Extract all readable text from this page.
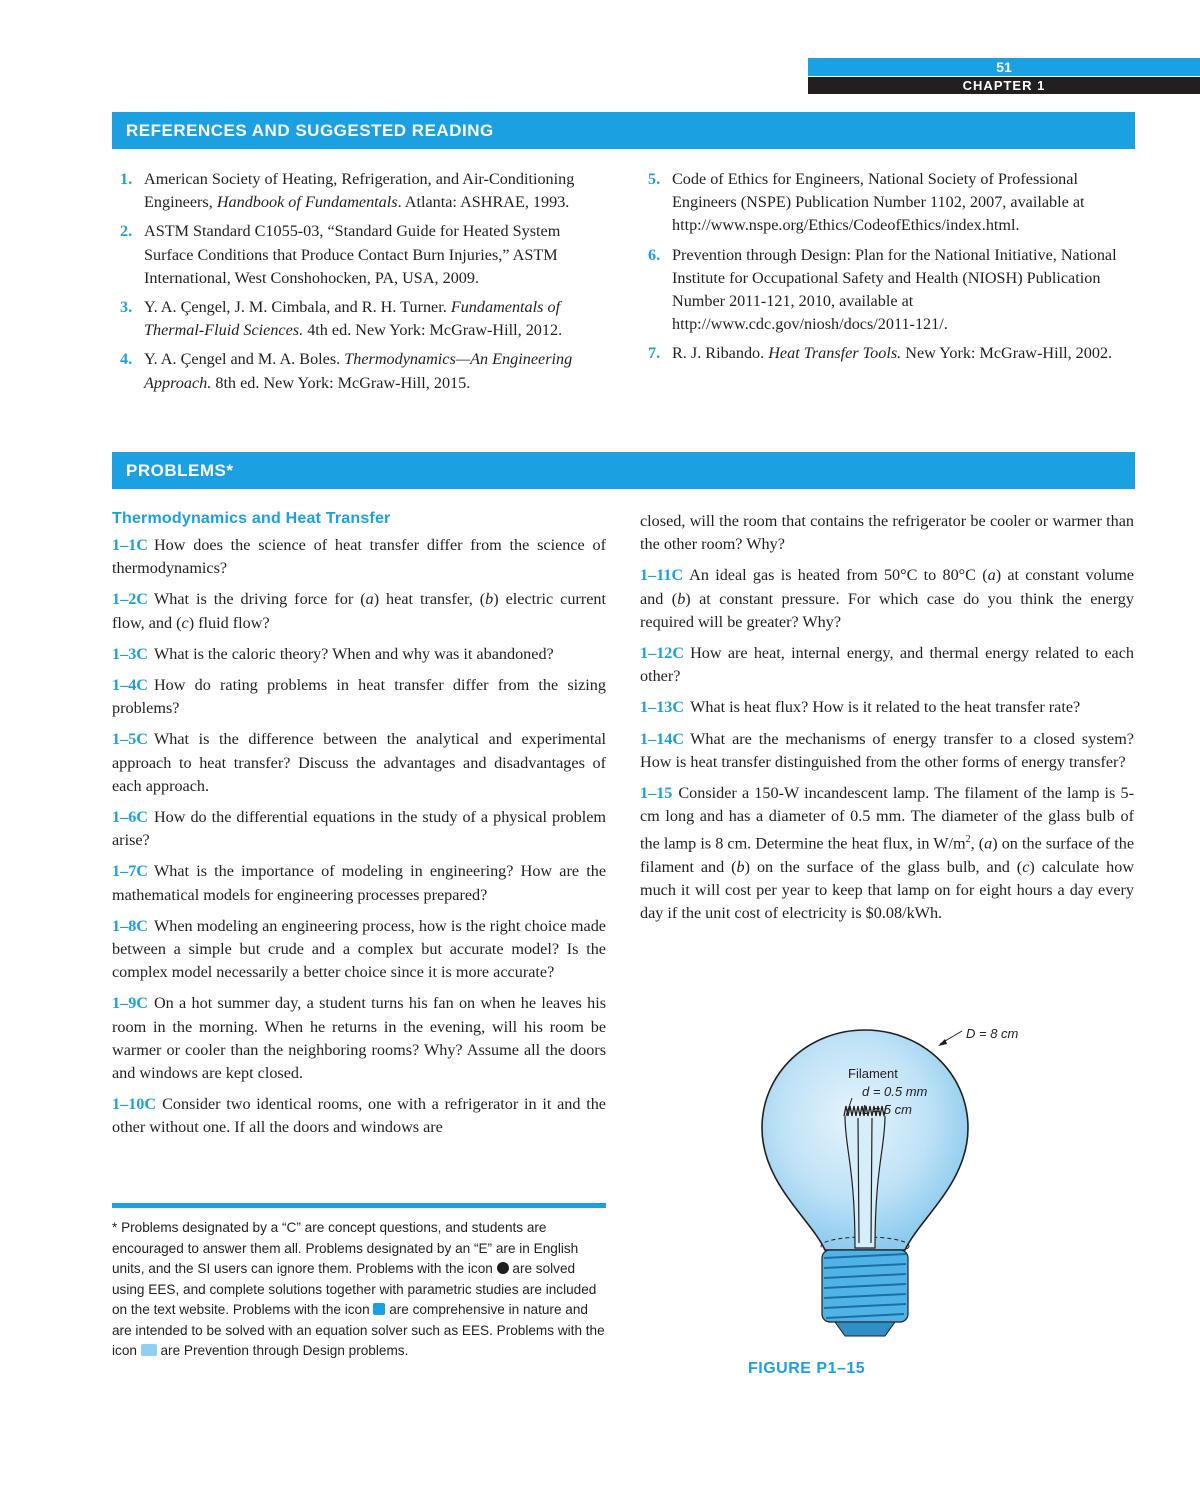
51
CHAPTER 1
REFERENCES AND SUGGESTED READING
1. American Society of Heating, Refrigeration, and Air-Conditioning Engineers, Handbook of Fundamentals. Atlanta: ASHRAE, 1993.
2. ASTM Standard C1055-03, “Standard Guide for Heated System Surface Conditions that Produce Contact Burn Injuries,” ASTM International, West Conshohocken, PA, USA, 2009.
3. Y. A. Çengel, J. M. Cimbala, and R. H. Turner. Fundamentals of Thermal-Fluid Sciences. 4th ed. New York: McGraw-Hill, 2012.
4. Y. A. Çengel and M. A. Boles. Thermodynamics—An Engineering Approach. 8th ed. New York: McGraw-Hill, 2015.
5. Code of Ethics for Engineers, National Society of Professional Engineers (NSPE) Publication Number 1102, 2007, available at http://www.nspe.org/Ethics/CodeofEthics/index.html.
6. Prevention through Design: Plan for the National Initiative, National Institute for Occupational Safety and Health (NIOSH) Publication Number 2011-121, 2010, available at http://www.cdc.gov/niosh/docs/2011-121/.
7. R. J. Ribando. Heat Transfer Tools. New York: McGraw-Hill, 2002.
PROBLEMS*
Thermodynamics and Heat Transfer

1–1C How does the science of heat transfer differ from the science of thermodynamics?

1–2C What is the driving force for (a) heat transfer, (b) electric current flow, and (c) fluid flow?

1–3C What is the caloric theory? When and why was it abandoned?

1–4C How do rating problems in heat transfer differ from the sizing problems?

1–5C What is the difference between the analytical and experimental approach to heat transfer? Discuss the advantages and disadvantages of each approach.

1–6C How do the differential equations in the study of a physical problem arise?

1–7C What is the importance of modeling in engineering? How are the mathematical models for engineering processes prepared?

1–8C When modeling an engineering process, how is the right choice made between a simple but crude and a complex but accurate model? Is the complex model necessarily a better choice since it is more accurate?

1–9C On a hot summer day, a student turns his fan on when he leaves his room in the morning. When he returns in the evening, will his room be warmer or cooler than the neighboring rooms? Why? Assume all the doors and windows are kept closed.

1–10C Consider two identical rooms, one with a refrigerator in it and the other without one. If all the doors and windows are

* Problems designated by a “C” are concept questions, and students are encouraged to answer them all. Problems designated by an “E” are in English units, and the SI users can ignore them. Problems with the icon  are solved using EES, and complete solutions together with parametric studies are included on the text website. Problems with the icon  are comprehensive in nature and are intended to be solved with an equation solver such as EES. Problems with the icon  are Prevention through Design problems.

closed, will the room that contains the refrigerator be cooler or warmer than the other room? Why?

1–11C An ideal gas is heated from 50°C to 80°C (a) at constant volume and (b) at constant pressure. For which case do you think the energy required will be greater? Why?

1–12C How are heat, internal energy, and thermal energy related to each other?

1–13C What is heat flux? How is it related to the heat transfer rate?

1–14C What are the mechanisms of energy transfer to a closed system? How is heat transfer distinguished from the other forms of energy transfer?

1–15 Consider a 150-W incandescent lamp. The filament of the lamp is 5-cm long and has a diameter of 0.5 mm. The diameter of the glass bulb of the lamp is 8 cm. Determine the heat flux, in $W/m^2$, (a) on the surface of the filament and (b) on the surface of the glass bulb, and (c) calculate how much it will cost per year to keep that lamp on for eight hours a day every day if the unit cost of electricity is $0.08/kWh.

D = 8 cm
Filament
d = 0.5 mm
L = 5 cm
FIGURE P1–15
